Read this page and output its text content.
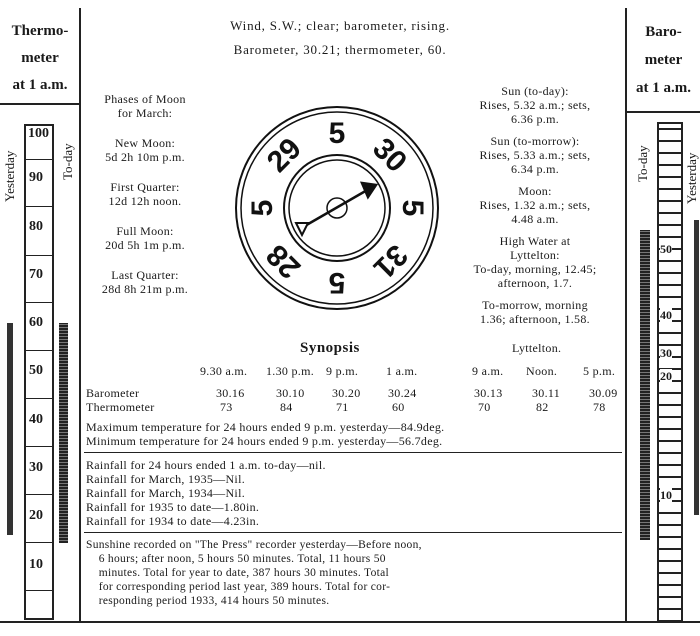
Thermo-
meter
at 1 a.m.
Yesterday	To-day
100
90
80
70
60
50
40
30
20
10
Baro-
meter
at 1 a.m.
To-day	Yesterday
50
40
30
20
10
Wind, S.W.; clear; barometer, rising.
Barometer, 30.21; thermometer, 60.
Phases of Moon
for March:
New Moon:
5d 2h 10m p.m.
First Quarter:
12d 12h noon.
Full Moon:
20d 5h 1m p.m.
Last Quarter:
28d 8h 21m p.m.
5 30
5
31
5
28
5
29
Sun (to-day):
Rises, 5.32 a.m.; sets,
6.36 p.m.
Sun (to-morrow):
Rises, 5.33 a.m.; sets,
6.34 p.m.
Moon:
Rises, 1.32 a.m.; sets,
4.48 a.m.
High Water at
Lyttelton:
To-day, morning, 12.45;
afternoon, 1.7.
To-morrow, morning
1.36; afternoon, 1.58.
Synopsis	Lyttelton.
9.30 a.m. 1.30 p.m. 9 p.m. 1 a.m.	9 a.m. Noon. 5 p.m.
Barometer	30.16	30.10 30.20 30.24	30.13 30.11 30.09
Thermometer	73	84	71	60	70	82	78
Maximum temperature for 24 hours ended 9 p.m. yesterday—84.9deg.
Minimum temperature for 24 hours ended 9 p.m. yesterday—56.7deg.
Rainfall for 24 hours ended 1 a.m. to-day—nil.
Rainfall for March, 1935—Nil.
Rainfall for March, 1934—Nil.
Rainfall for 1935 to date—1.80in.
Rainfall for 1934 to date—4.23in.
Sunshine recorded on "The Press" recorder yesterday—Before noon,
6 hours; after noon, 5 hours 50 minutes. Total, 11 hours 50
minutes. Total for year to date, 387 hours 30 minutes. Total
for corresponding period last year, 389 hours. Total for cor-
responding period 1933, 414 hours 50 minutes.
